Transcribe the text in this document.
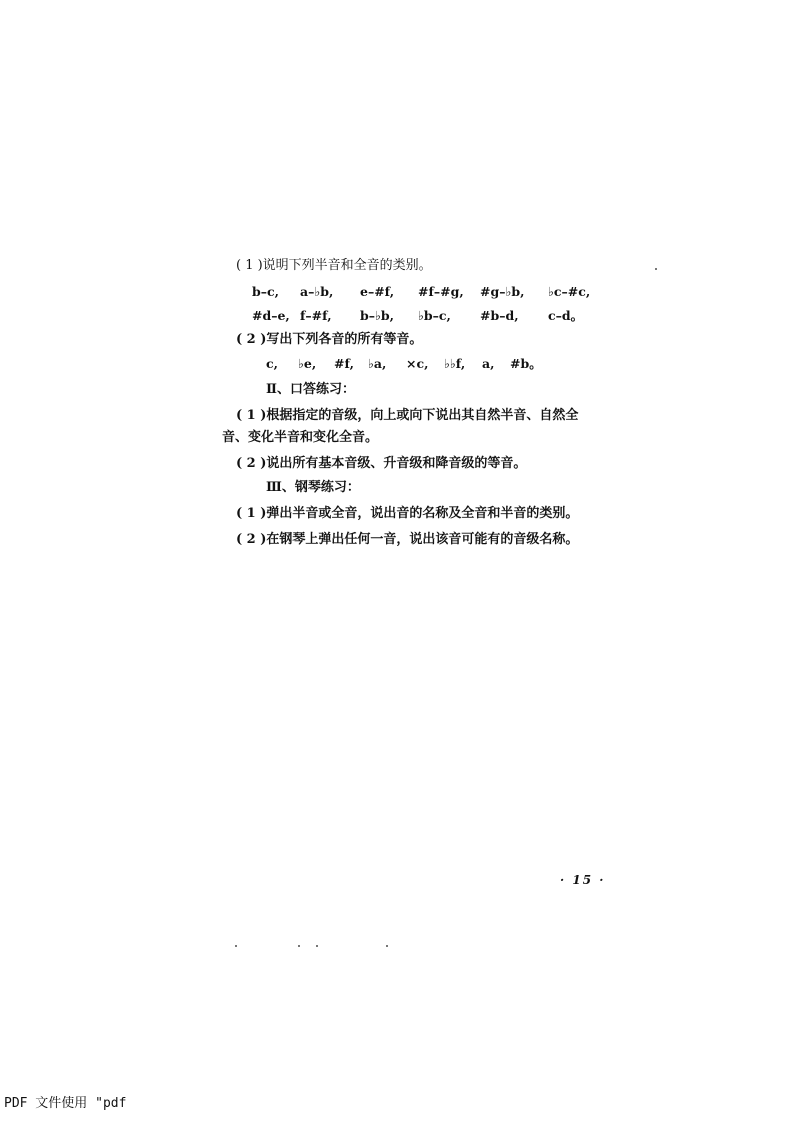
( 1 )说明下列半音和全音的类别。
b–c, a–♭b, e–#f, #f–#g, #g–♭b, ♭c–#c,
#d–e, f–#f, b–♭b, ♭b–c, #b–d, c–d。
( 2 )写出下列各音的所有等音。
c, ♭e, #f, ♭a, ×c, ♭♭f, a, #b。
Ⅱ、口答练习：
( 1 )根据指定的音级，向上或向下说出其自然半音、自然全
音、变化半音和变化全音。
( 2 )说出所有基本音级、升音级和降音级的等音。
Ⅲ、钢琴练习：
( 1 )弹出半音或全音，说出音的名称及全音和半音的类别。
( 2 )在钢琴上弹出任何一音，说出该音可能有的音级名称。
· 15 ·
PDF 文件使用 "pdf
